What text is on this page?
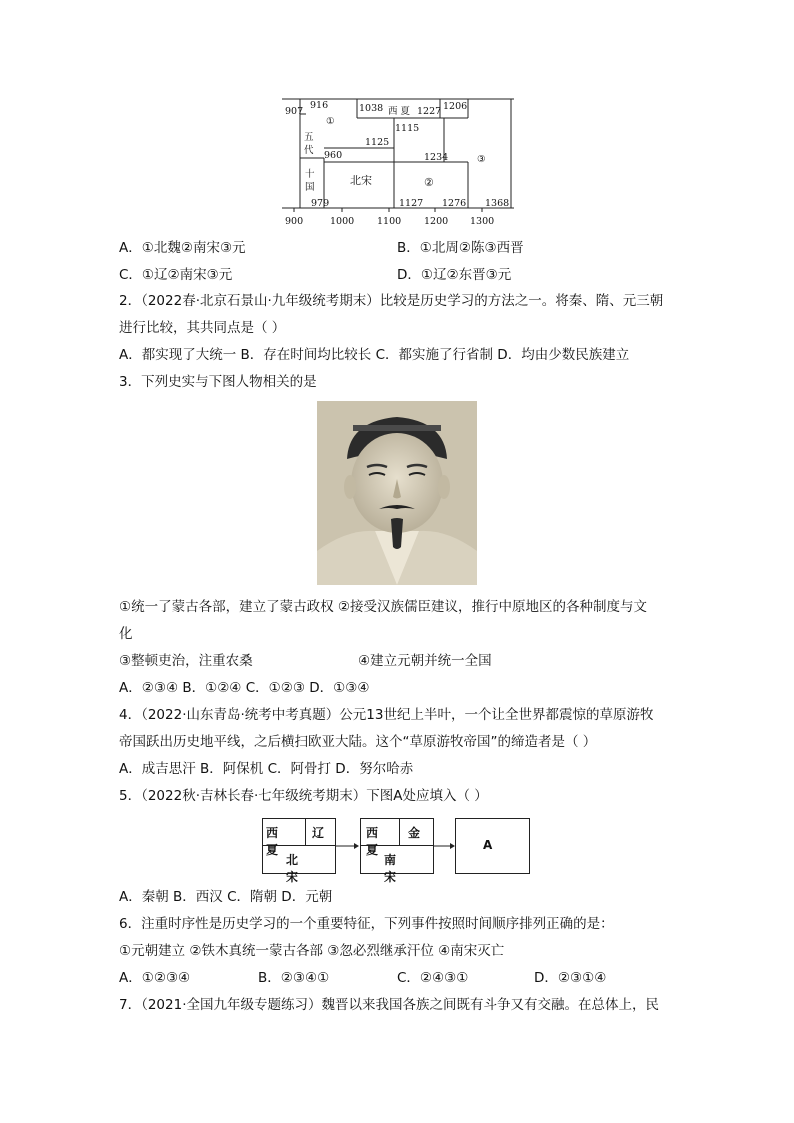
907
916
①
1038 西 夏 1227 1206
1115
1125
960	1234	③
五
代
十
国
北宋	②
979	1127 1276 1368
900	1000 1100 1200 1300
A．①北魏②南宋③元	B．①北周②陈③西晋
C．①辽②南宋③元	D．①辽②东晋③元
2．（2022春·北京石景山·九年级统考期末）比较是历史学习的方法之一。将秦、隋、元三朝
进行比较，其共同点是（ ）
A．都实现了大统一 B．存在时间均比较长 C．都实施了行省制 D．均由少数民族建立
3．下列史实与下图人物相关的是
①统一了蒙古各部，建立了蒙古政权 ②接受汉族儒臣建议，推行中原地区的各种制度与文
化
③整顿吏治，注重农桑	④建立元朝并统一全国
A．②③④ B．①②④ C．①②③ D．①③④
4．（2022·山东青岛·统考中考真题）公元13世纪上半叶，一个让全世界都震惊的草原游牧
帝国跃出历史地平线，之后横扫欧亚大陆。这个“草原游牧帝国”的缔造者是（ ）
A．成吉思汗 B．阿保机 C．阿骨打 D．努尔哈赤
5．（2022秋·吉林长春·七年级统考期末）下图A处应填入（ ）
西夏
辽
北宋
西夏
金
南宋
A
A．秦朝 B．西汉 C．隋朝 D．元朝
6．注重时序性是历史学习的一个重要特征，下列事件按照时间顺序排列正确的是：
①元朝建立 ②铁木真统一蒙古各部 ③忽必烈继承汗位 ④南宋灭亡
A．①②③④	B．②③④①	C．②④③①	D．②③①④
7．（2021·全国九年级专题练习）魏晋以来我国各族之间既有斗争又有交融。在总体上，民
